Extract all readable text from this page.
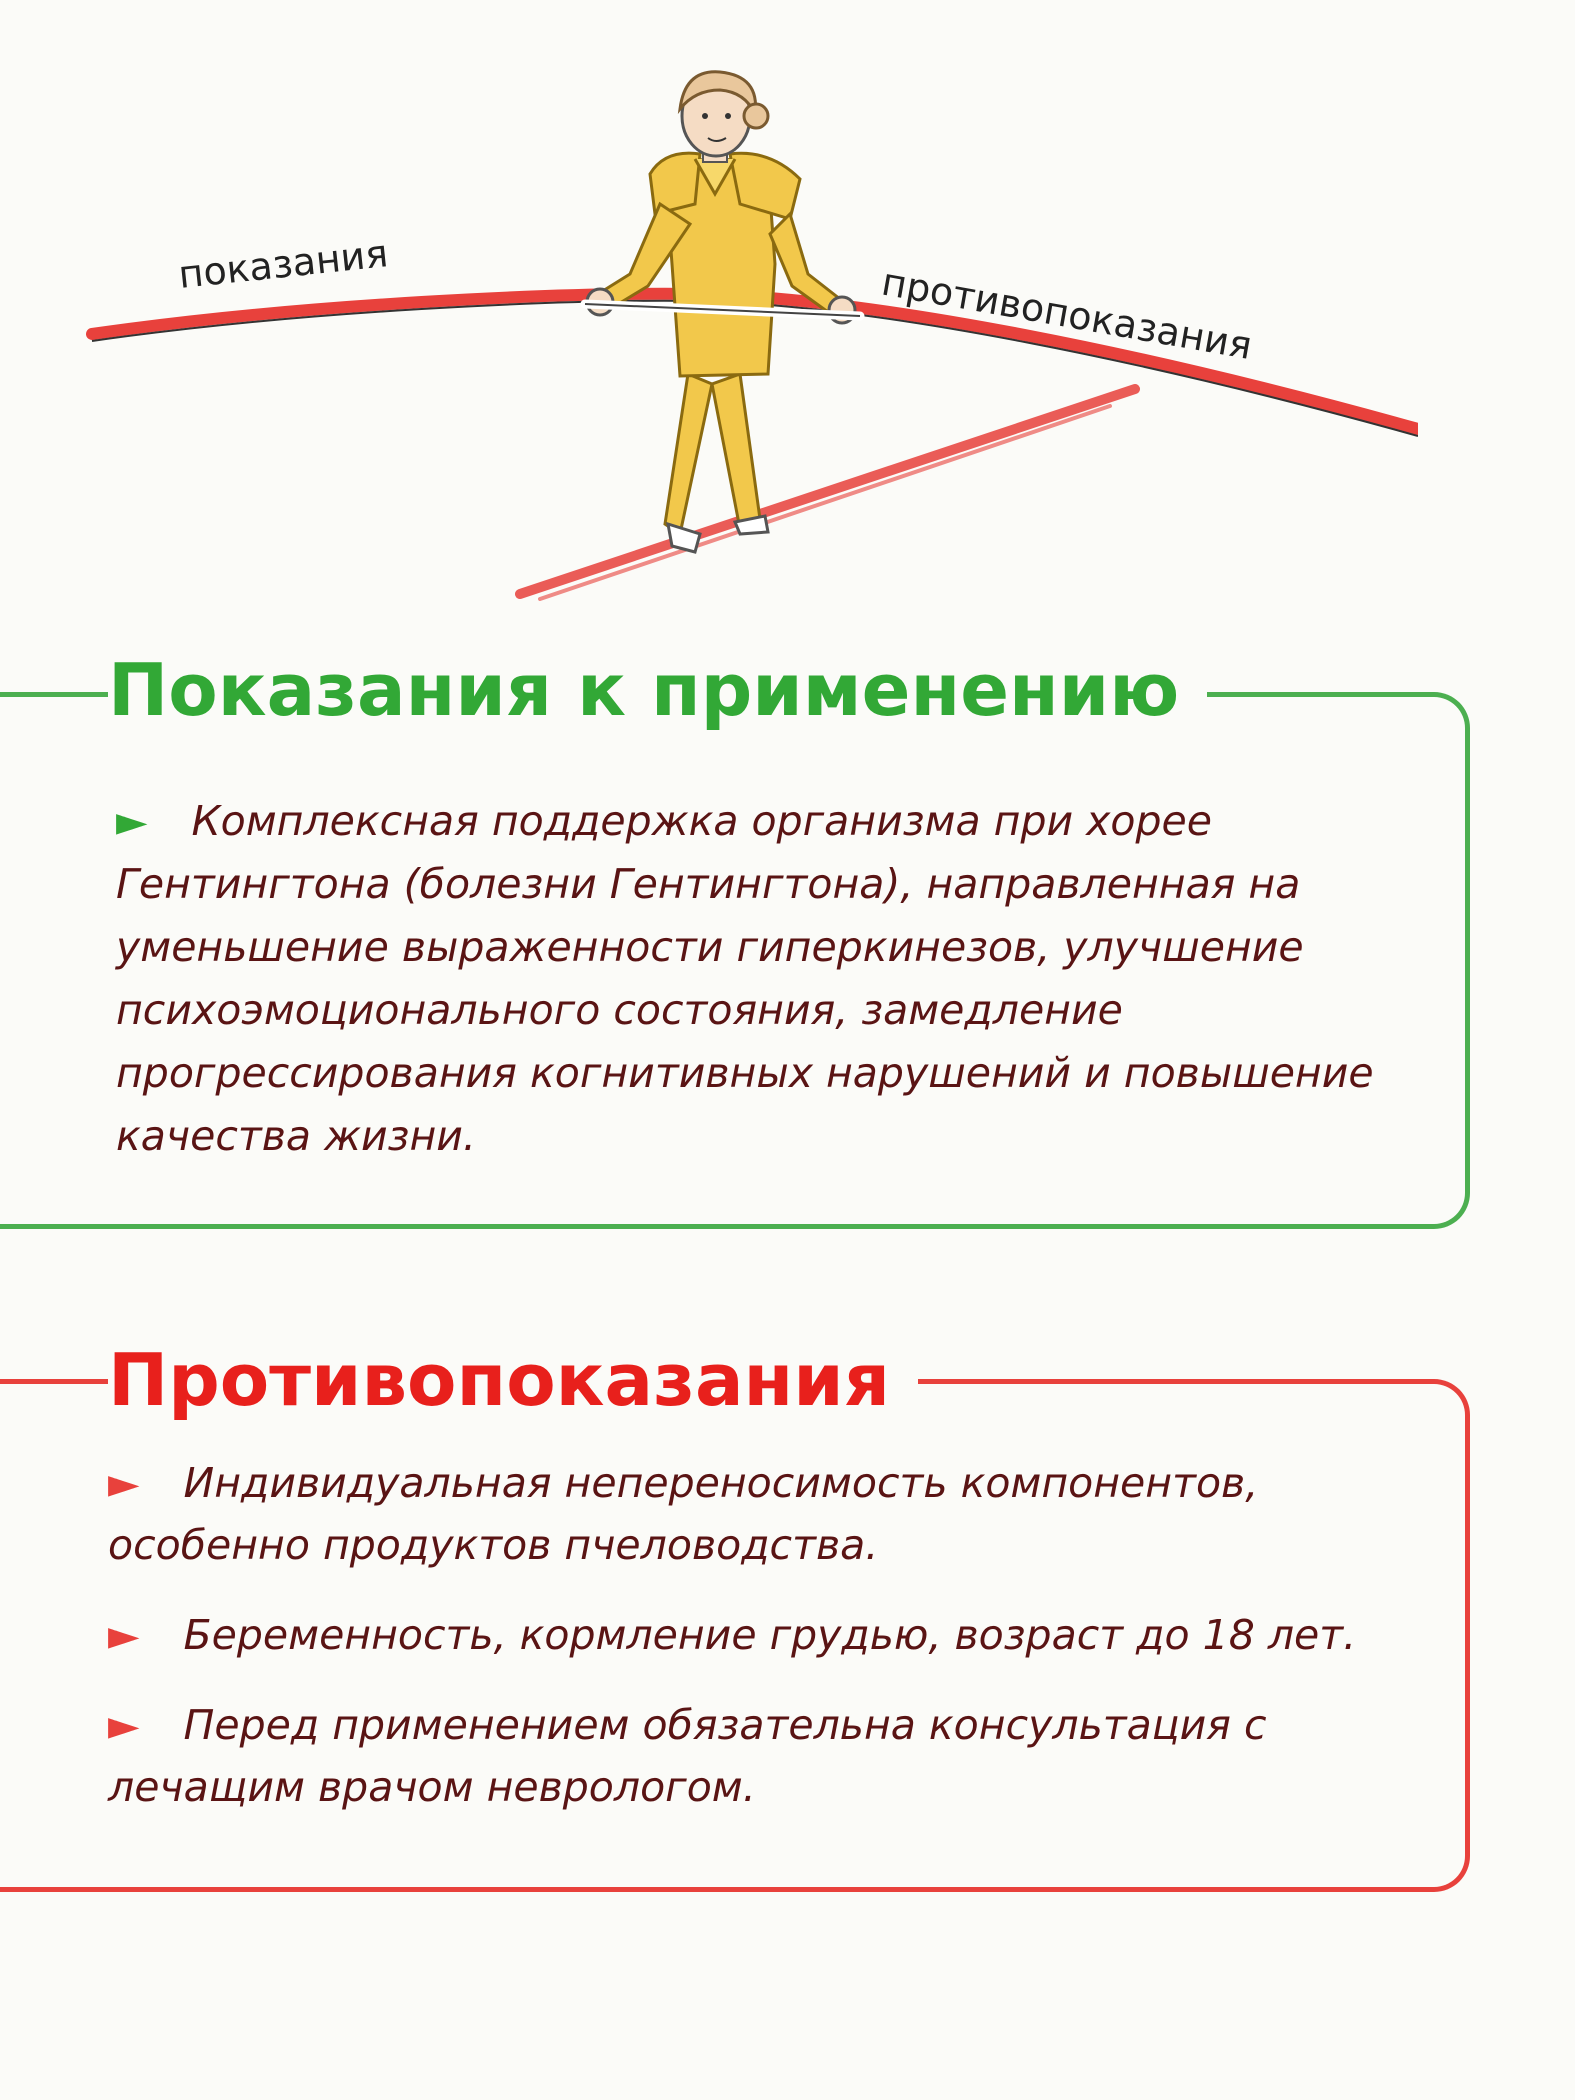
показания	противопоказания
Показания к применению
► Комплексная поддержка организма при хорее Гентингтона (болезни Гентингтона), направленная на уменьшение выраженности гиперкинезов, улучшение психоэмоционального состояния, замедление прогрессирования когнитивных нарушений и повышение качества жизни.
Противопоказания

► Индивидуальная непереносимость компонентов, особенно продуктов пчеловодства.

► Беременность, кормление грудью, возраст до 18 лет.

► Перед применением обязательна консультация с лечащим врачом неврологом.
